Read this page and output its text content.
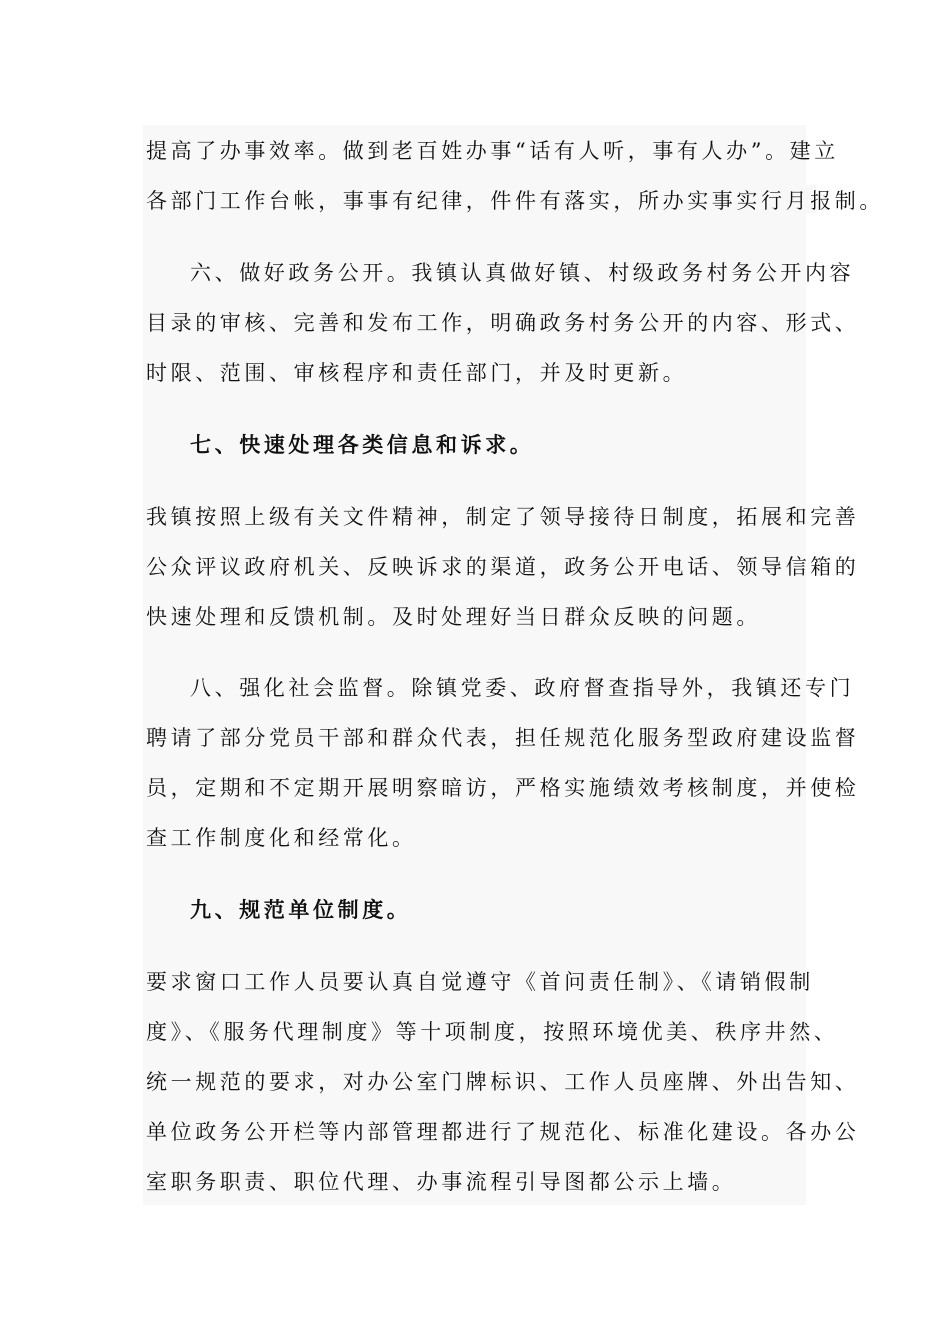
提高了办事效率。做到老百姓办事“话有人听，事有人办”。建立
各部门工作台帐，事事有纪律，件件有落实，所办实事实行月报制。
六、做好政务公开。我镇认真做好镇、村级政务村务公开内容
目录的审核、完善和发布工作，明确政务村务公开的内容、形式、
时限、范围、审核程序和责任部门，并及时更新。
七、快速处理各类信息和诉求。
我镇按照上级有关文件精神，制定了领导接待日制度，拓展和完善
公众评议政府机关、反映诉求的渠道，政务公开电话、领导信箱的
快速处理和反馈机制。及时处理好当日群众反映的问题。
八、强化社会监督。除镇党委、政府督查指导外，我镇还专门
聘请了部分党员干部和群众代表，担任规范化服务型政府建设监督
员，定期和不定期开展明察暗访，严格实施绩效考核制度，并使检
查工作制度化和经常化。
九、规范单位制度。
要求窗口工作人员要认真自觉遵守《首问责任制》、《请销假制
度》、《服务代理制度》等十项制度，按照环境优美、秩序井然、
统一规范的要求，对办公室门牌标识、工作人员座牌、外出告知、
单位政务公开栏等内部管理都进行了规范化、标准化建设。各办公
室职务职责、职位代理、办事流程引导图都公示上墙。
